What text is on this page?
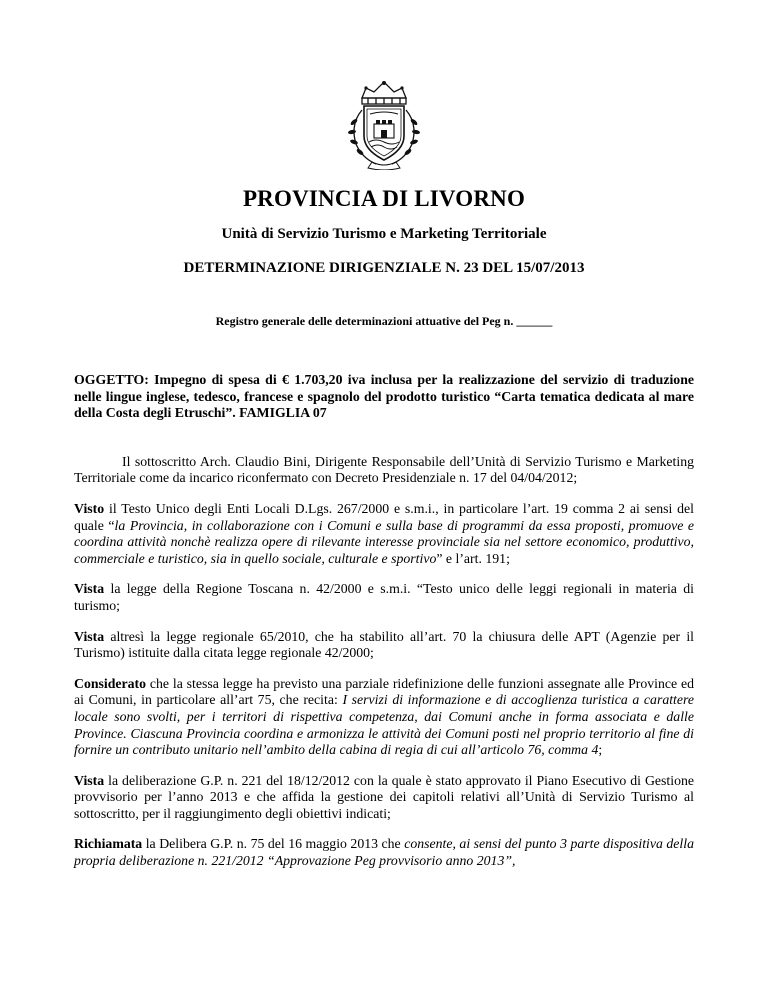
PROVINCIA DI LIVORNO
Unità di Servizio Turismo e Marketing Territoriale
DETERMINAZIONE DIRIGENZIALE N. 23 DEL 15/07/2013
Registro generale delle determinazioni attuative del Peg n. ______

OGGETTO: Impegno di spesa di € 1.703,20 iva inclusa per la realizzazione del servizio di traduzione nelle lingue inglese, tedesco, francese e spagnolo del prodotto turistico “Carta tematica dedicata al mare della Costa degli Etruschi”. FAMIGLIA 07

Il sottoscritto Arch. Claudio Bini, Dirigente Responsabile dell’Unità di Servizio Turismo e Marketing Territoriale come da incarico riconfermato con Decreto Presidenziale n. 17 del 04/04/2012;

Visto il Testo Unico degli Enti Locali D.Lgs. 267/2000 e s.m.i., in particolare l’art. 19 comma 2 ai sensi del quale “la Provincia, in collaborazione con i Comuni e sulla base di programmi da essa proposti, promuove e coordina attività nonchè realizza opere di rilevante interesse provinciale sia nel settore economico, produttivo, commerciale e turistico, sia in quello sociale, culturale e sportivo” e l’art. 191;

Vista la legge della Regione Toscana n. 42/2000 e s.m.i. “Testo unico delle leggi regionali in materia di turismo;

Vista altresì la legge regionale 65/2010, che ha stabilito all’art. 70 la chiusura delle APT (Agenzie per il Turismo) istituite dalla citata legge regionale 42/2000;

Considerato che la stessa legge ha previsto una parziale ridefinizione delle funzioni assegnate alle Province ed ai Comuni, in particolare all’art 75, che recita: I servizi di informazione e di accoglienza turistica a carattere locale sono svolti, per i territori di rispettiva competenza, dai Comuni anche in forma associata e dalle Province. Ciascuna Provincia coordina e armonizza le attività dei Comuni posti nel proprio territorio al fine di fornire un contributo unitario nell’ambito della cabina di regia di cui all’articolo 76, comma 4;

Vista la deliberazione G.P. n. 221 del 18/12/2012 con la quale è stato approvato il Piano Esecutivo di Gestione provvisorio per l’anno 2013 e che affida la gestione dei capitoli relativi all’Unità di Servizio Turismo al sottoscritto, per il raggiungimento degli obiettivi indicati;

Richiamata la Delibera G.P. n. 75 del 16 maggio 2013 che consente, ai sensi del punto 3 parte dispositiva della propria deliberazione n. 221/2012 “Approvazione Peg provvisorio anno 2013”,
